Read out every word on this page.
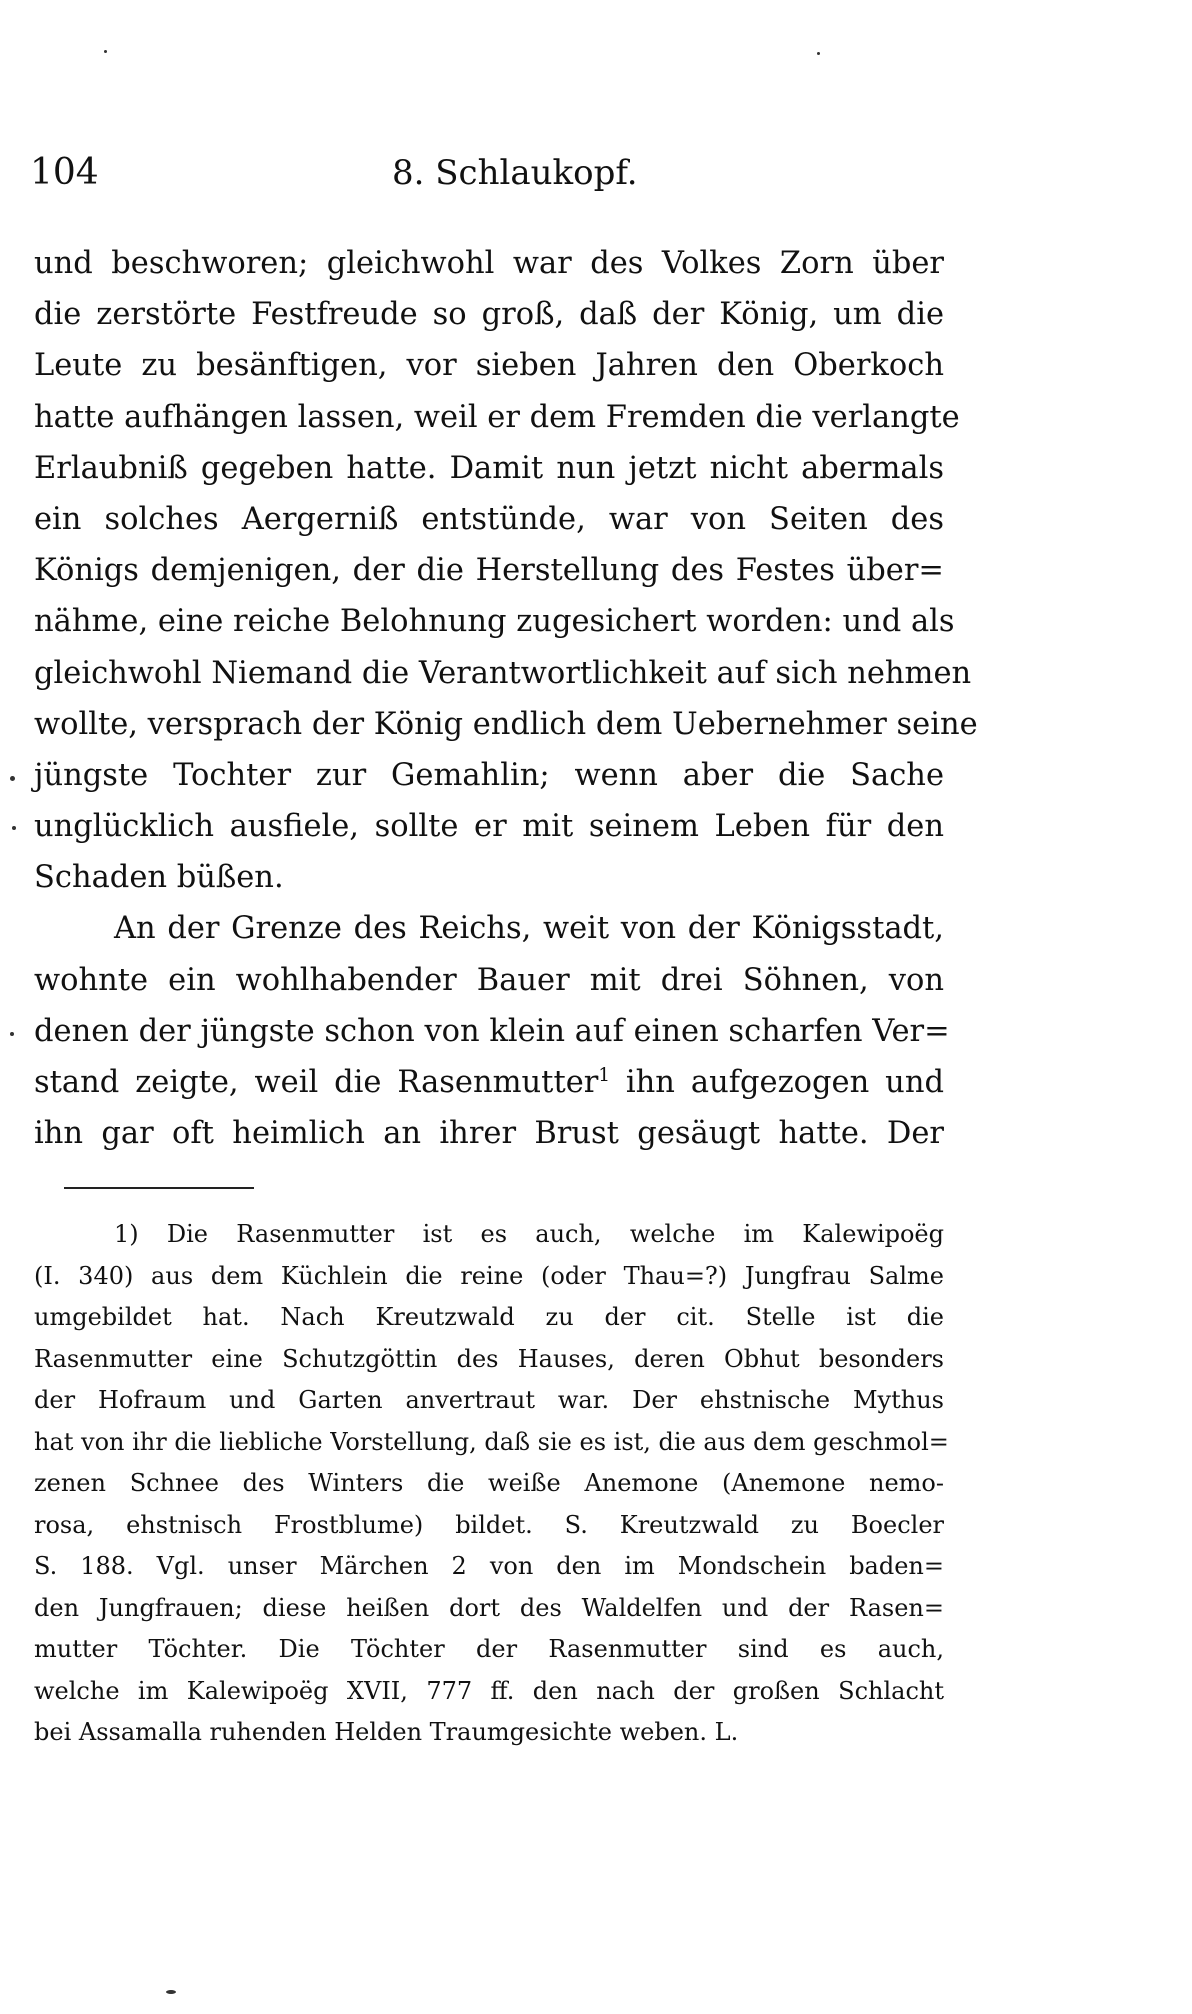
104	8. Schlaukopf.
und beschworen; gleichwohl war des Volkes Zorn über
die zerstörte Festfreude so groß, daß der König, um die
Leute zu besänftigen, vor sieben Jahren den Oberkoch
hatte aufhängen lassen, weil er dem Fremden die verlangte
Erlaubniß gegeben hatte. Damit nun jetzt nicht abermals
ein solches Aergerniß entstünde, war von Seiten des
Königs demjenigen, der die Herstellung des Festes über=
nähme, eine reiche Belohnung zugesichert worden: und als
gleichwohl Niemand die Verantwortlichkeit auf sich nehmen
wollte, versprach der König endlich dem Uebernehmer seine
jüngste Tochter zur Gemahlin; wenn aber die Sache
unglücklich ausfiele, sollte er mit seinem Leben für den
Schaden büßen.
An der Grenze des Reichs, weit von der Königsstadt,
wohnte ein wohlhabender Bauer mit drei Söhnen, von
denen der jüngste schon von klein auf einen scharfen Ver=
stand zeigte, weil die Rasenmutter$^1$ ihn aufgezogen und
ihn gar oft heimlich an ihrer Brust gesäugt hatte. Der
1) Die Rasenmutter ist es auch, welche im Kalewipoëg
(I. 340) aus dem Küchlein die reine (oder Thau=?) Jungfrau Salme
umgebildet hat. Nach Kreutzwald zu der cit. Stelle ist die
Rasenmutter eine Schutzgöttin des Hauses, deren Obhut besonders
der Hofraum und Garten anvertraut war. Der ehstnische Mythus
hat von ihr die liebliche Vorstellung, daß sie es ist, die aus dem geschmol=
zenen Schnee des Winters die weiße Anemone (Anemone nemo-
rosa, ehstnisch Frostblume) bildet. S. Kreutzwald zu Boecler
S. 188. Vgl. unser Märchen 2 von den im Mondschein baden=
den Jungfrauen; diese heißen dort des Waldelfen und der Rasen=
mutter Töchter. Die Töchter der Rasenmutter sind es auch,
welche im Kalewipoëg XVII, 777 ff. den nach der großen Schlacht
bei Assamalla ruhenden Helden Traumgesichte weben. L.
